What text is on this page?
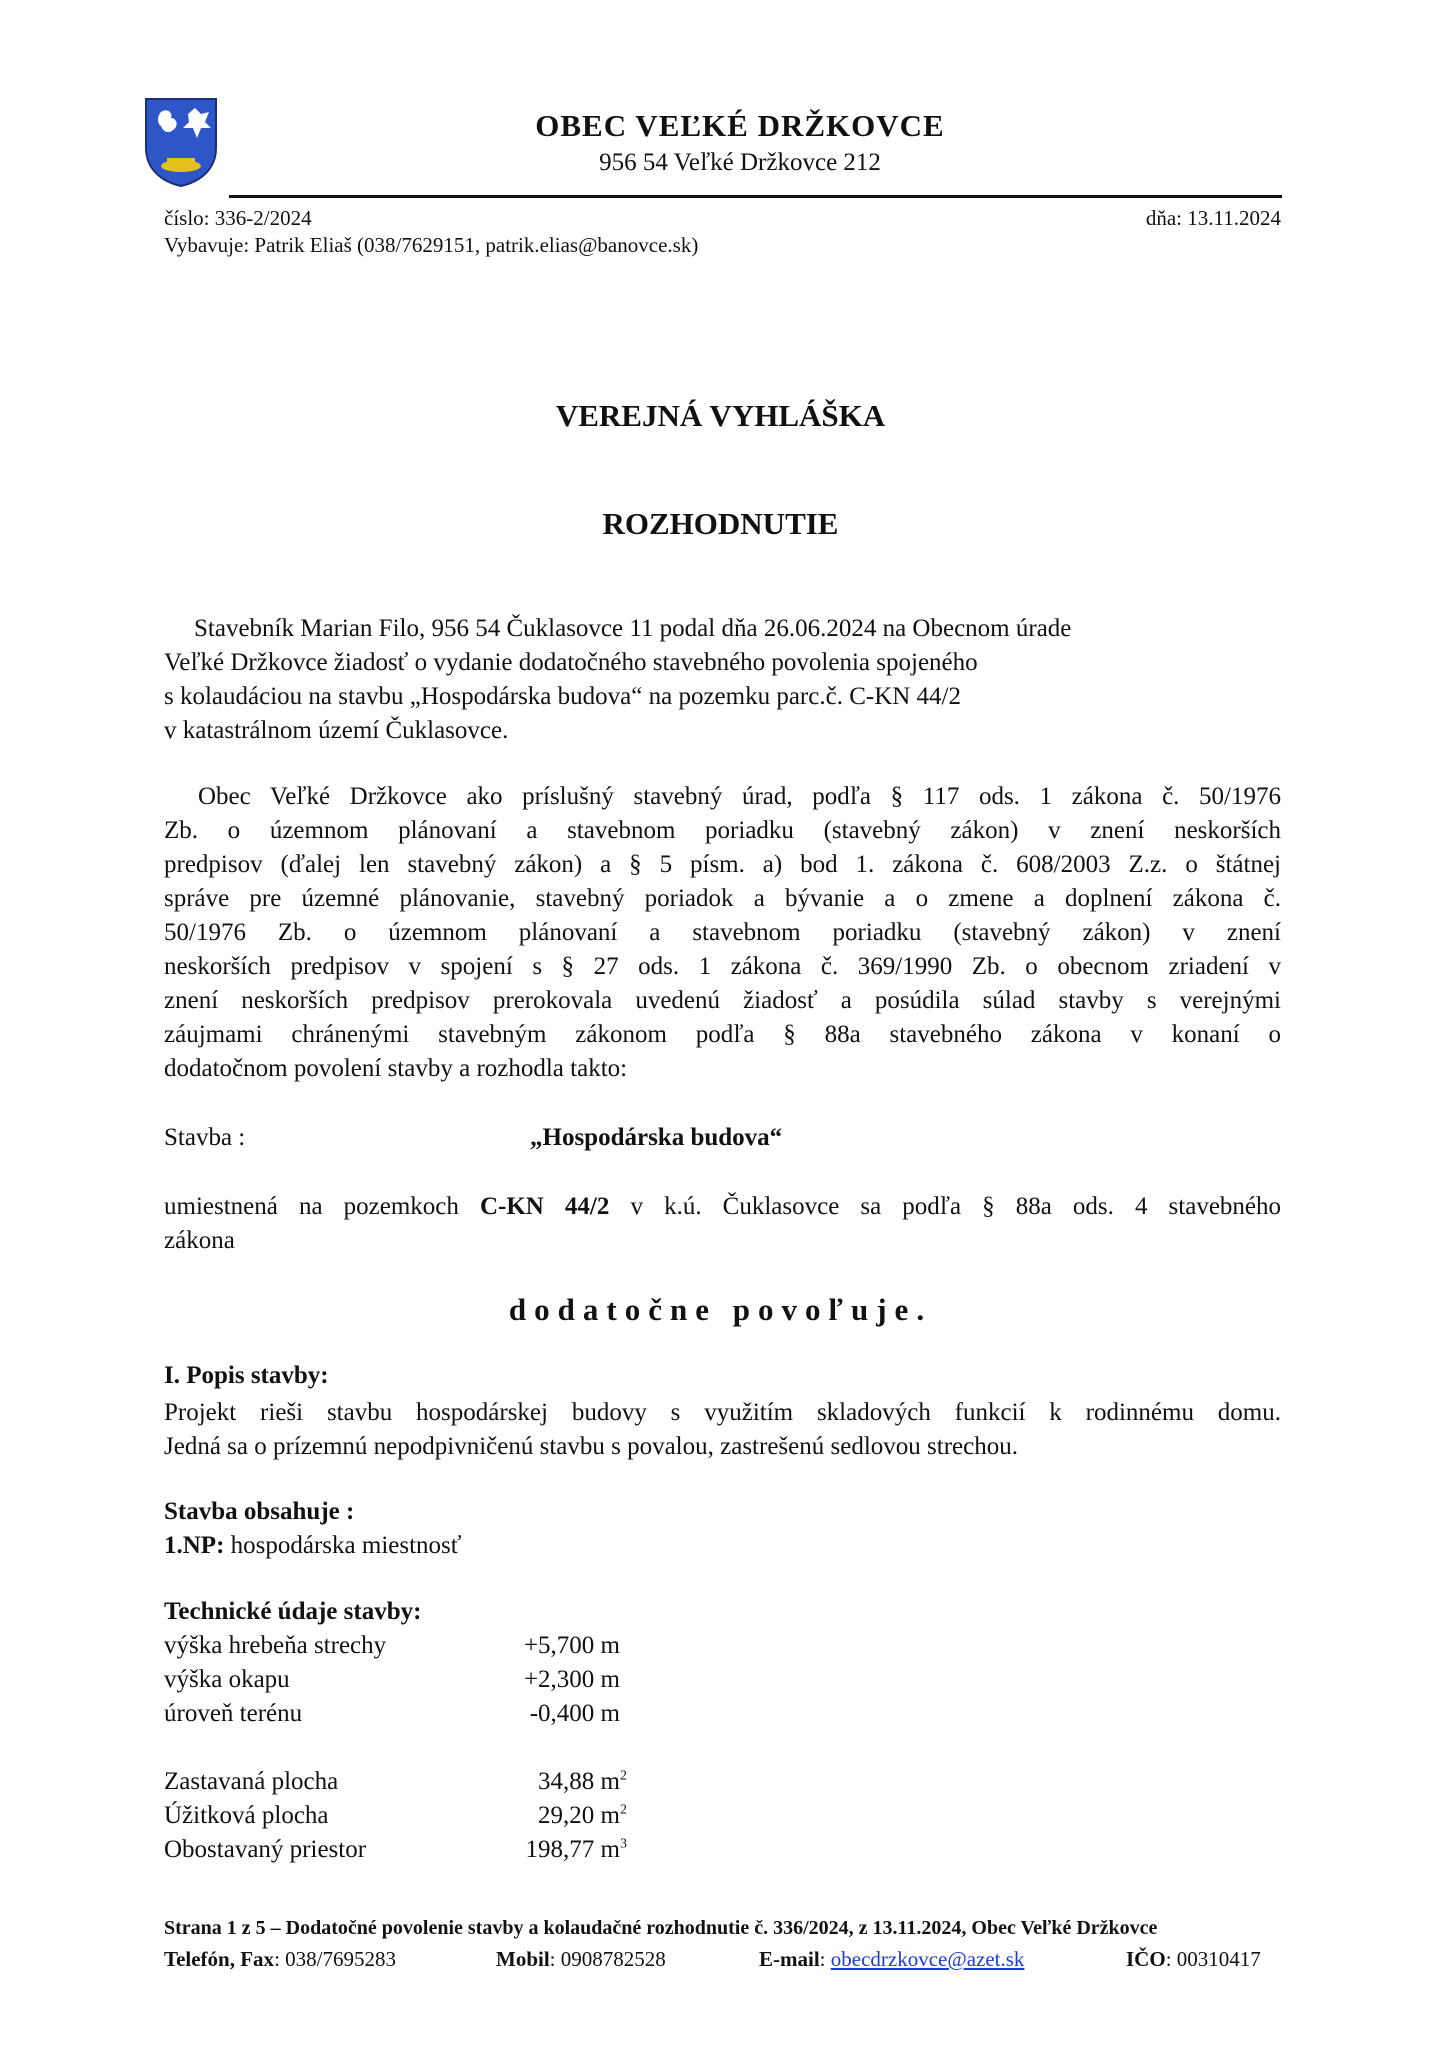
OBEC VEĽKÉ DRŽKOVCE
956 54 Veľké Držkovce 212
číslo: 336-2/2024	dňa: 13.11.2024
Vybavuje: Patrik Eliaš (038/7629151, patrik.elias@banovce.sk)
VEREJNÁ VYHLÁŠKA
ROZHODNUTIE
Stavebník Marian Filo, 956 54 Čuklasovce 11 podal dňa 26.06.2024 na Obecnom úrade
Veľké Držkovce žiadosť o vydanie dodatočného stavebného povolenia spojeného
s kolaudáciou na stavbu „Hospodárska budova“ na pozemku parc.č. C-KN 44/2
v katastrálnom území Čuklasovce.
Obec Veľké Držkovce ako príslušný stavebný úrad, podľa § 117 ods. 1 zákona č. 50/1976
Zb. o územnom plánovaní a stavebnom poriadku (stavebný zákon) v znení neskorších
predpisov (ďalej len stavebný zákon) a § 5 písm. a) bod 1. zákona č. 608/2003 Z.z. o štátnej
správe pre územné plánovanie, stavebný poriadok a bývanie a o zmene a doplnení zákona č.
50/1976 Zb. o územnom plánovaní a stavebnom poriadku (stavebný zákon) v znení
neskorších predpisov v spojení s § 27 ods. 1 zákona č. 369/1990 Zb. o obecnom zriadení v
znení neskorších predpisov prerokovala uvedenú žiadosť a posúdila súlad stavby s verejnými
záujmami chránenými stavebným zákonom podľa § 88a stavebného zákona v konaní o
dodatočnom povolení stavby a rozhodla takto:
Stavba :	„Hospodárska budova“
umiestnená na pozemkoch C-KN 44/2 v k.ú. Čuklasovce sa podľa § 88a ods. 4 stavebného
zákona
dodatočne povoľuje.
I. Popis stavby:
Projekt rieši stavbu hospodárskej budovy s využitím skladových funkcií k rodinnému domu.
Jedná sa o prízemnú nepodpivničenú stavbu s povalou, zastrešenú sedlovou strechou.
Stavba obsahuje :
1.NP: hospodárska miestnosť
Technické údaje stavby:
výška hrebeňa strechy	+5,700 m
výška okapu	+2,300 m
úroveň terénu	-0,400 m
Zastavaná plocha	34,88 $m^2$
Úžitková plocha	29,20 $m^2$
Obostavaný priestor	198,77 $m^3$
Strana 1 z 5 – Dodatočné povolenie stavby a kolaudačné rozhodnutie č. 336/2024, z 13.11.2024, Obec Veľké Držkovce
Telefón, Fax: 038/7695283	Mobil: 0908782528	E-mail: obecdrzkovce@azet.sk	IČO: 00310417
